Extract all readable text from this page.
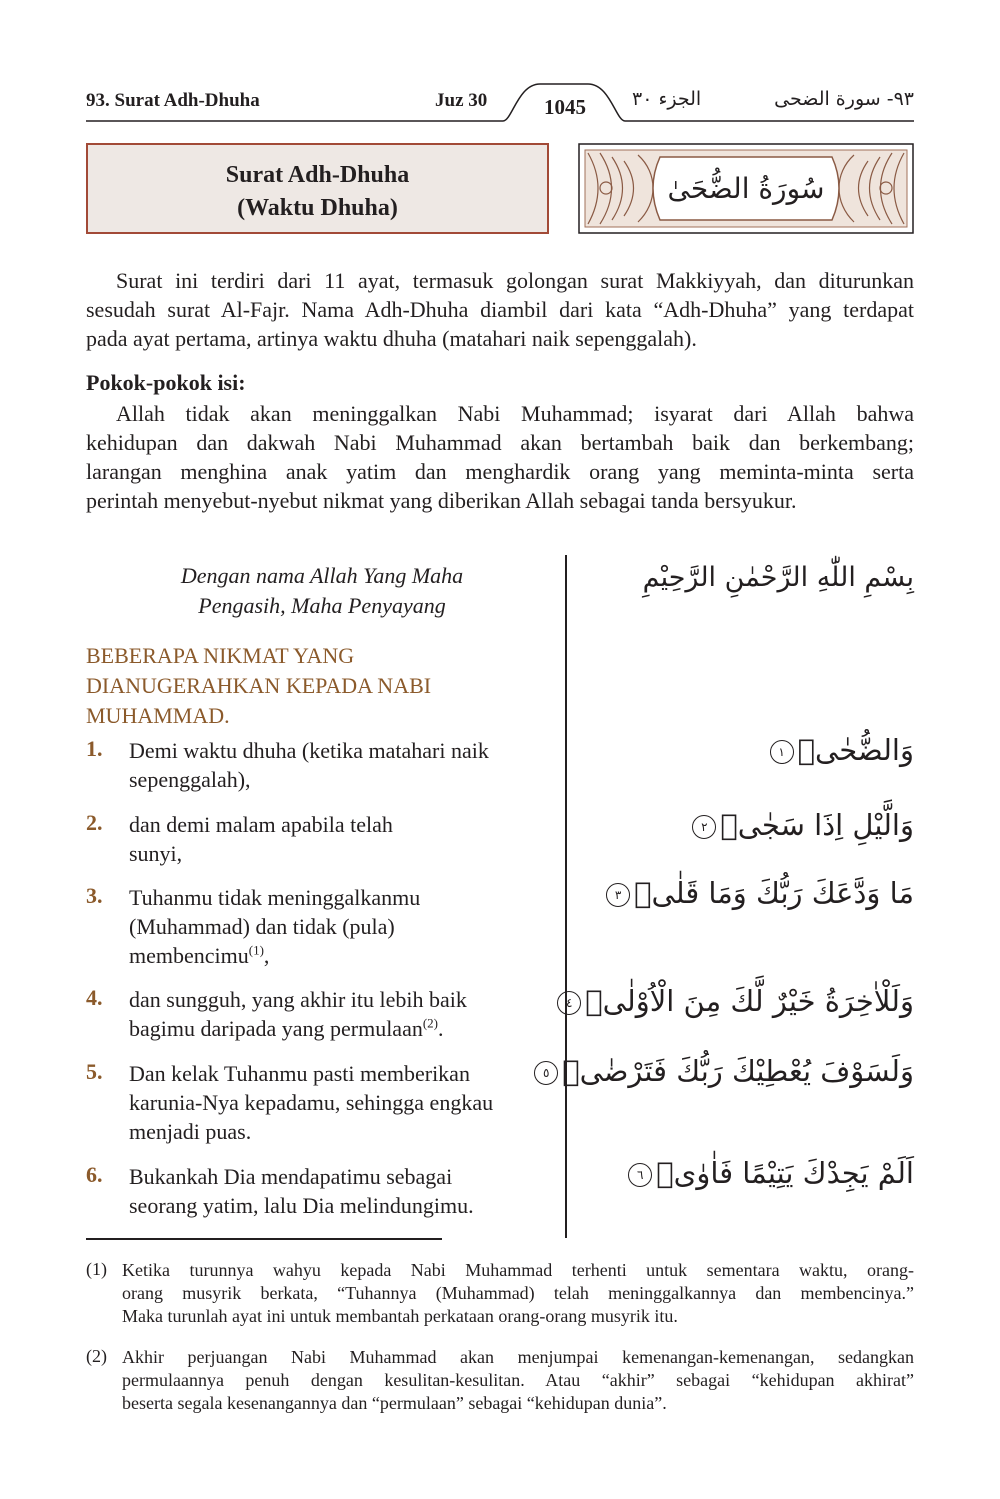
93. Surat Adh-Dhuha	Juz 30	1045	الجزء ٣٠	٩٣- سورة الضحى
Surat Adh-Dhuha
(Waktu Dhuha)
سُورَةُ الضُّحَىٰ
Surat ini terdiri dari 11 ayat, termasuk golongan surat Makkiyyah, dan diturunkan
sesudah surat Al-Fajr. Nama Adh-Dhuha diambil dari kata “Adh-Dhuha” yang terdapat
pada ayat pertama, artinya waktu dhuha (matahari naik sepenggalah).
Pokok-pokok isi:
Allah tidak akan meninggalkan Nabi Muhammad; isyarat dari Allah bahwa
kehidupan dan dakwah Nabi Muhammad akan bertambah baik dan berkembang;
larangan menghina anak yatim dan menghardik orang yang meminta-minta serta
perintah menyebut-nyebut nikmat yang diberikan Allah sebagai tanda bersyukur.
Dengan nama Allah Yang Maha
Pengasih, Maha Penyayang
بِسْمِ اللّٰهِ الرَّحْمٰنِ الرَّحِيْمِ
BEBERAPA NIKMAT YANG
DIANUGERAHKAN KEPADA NABI
MUHAMMAD.
1. Demi waktu dhuha (ketika matahari naik
sepenggalah),
وَالضُّحٰىۙ١
2. dan demi malam apabila telah
sunyi,
وَالَّيْلِ اِذَا سَجٰىۙ٢
3. Tuhanmu tidak meninggalkanmu
(Muhammad) dan tidak (pula)
membencimu$^{(1)}$,
مَا وَدَّعَكَ رَبُّكَ وَمَا قَلٰىۗ٣
4. dan sungguh, yang akhir itu lebih baik
bagimu daripada yang permulaan$^{(2)}$.
وَلَلْاٰخِرَةُ خَيْرٌ لَّكَ مِنَ الْاُوْلٰىۗ٤
5. Dan kelak Tuhanmu pasti memberikan
karunia-Nya kepadamu, sehingga engkau
menjadi puas.
وَلَسَوْفَ يُعْطِيْكَ رَبُّكَ فَتَرْضٰىۗ٥
6. Bukankah Dia mendapatimu sebagai
seorang yatim, lalu Dia melindungimu.
اَلَمْ يَجِدْكَ يَتِيْمًا فَاٰوٰىۖ٦
(1) Ketika turunnya wahyu kepada Nabi Muhammad terhenti untuk sementara waktu, orang-
orang musyrik berkata, “Tuhannya (Muhammad) telah meninggalkannya dan membencinya.”
Maka turunlah ayat ini untuk membantah perkataan orang-orang musyrik itu.
(2) Akhir perjuangan Nabi Muhammad akan menjumpai kemenangan-kemenangan, sedangkan
permulaannya penuh dengan kesulitan-kesulitan. Atau “akhir” sebagai “kehidupan akhirat”
beserta segala kesenangannya dan “permulaan” sebagai “kehidupan dunia”.
